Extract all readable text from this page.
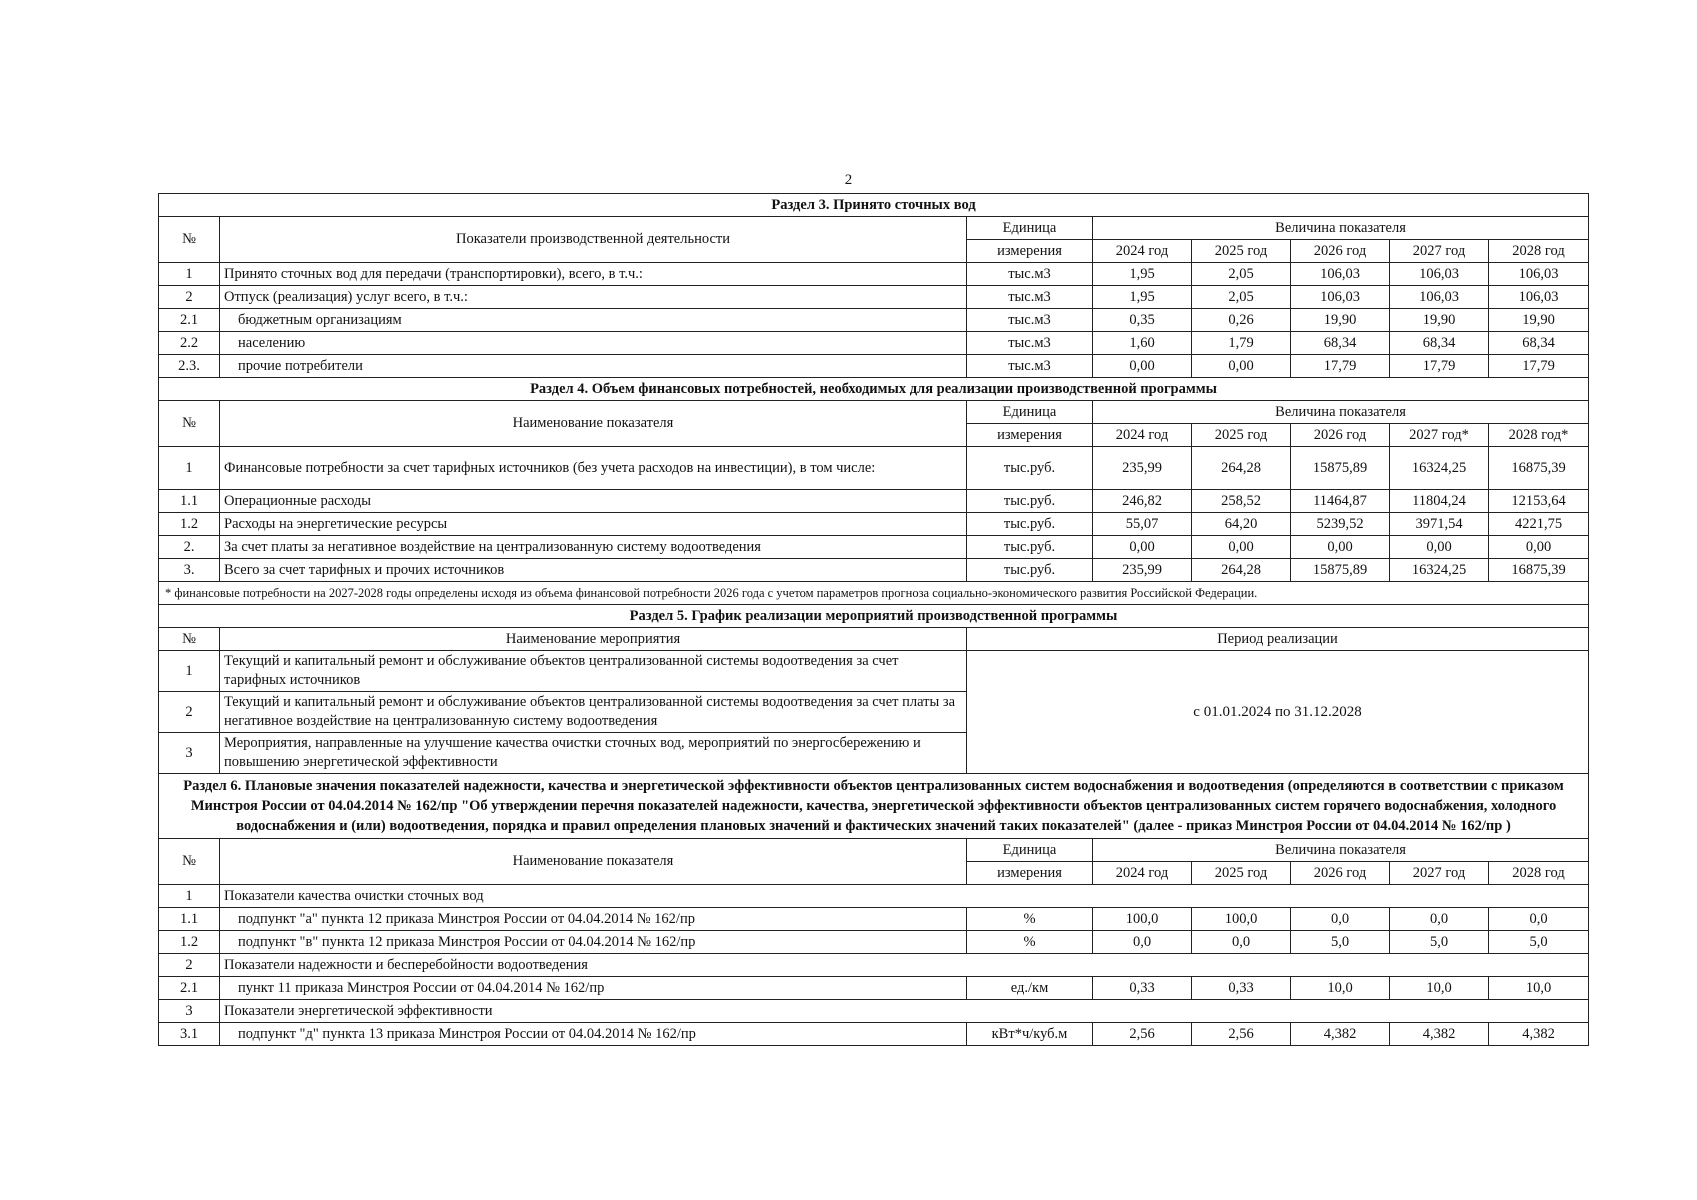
2
Раздел 3. Принято сточных вод							
№	Показатели производственной деятельности	Единица	Величина показателя				
		измерения	2024 год	2025 год	2026 год	2027 год	2028 год
1	Принято сточных вод для передачи (транспортировки), всего, в т.ч.:	тыс.м3	1,95	2,05	106,03	106,03	106,03
2	Отпуск (реализация) услуг всего, в т.ч.:	тыс.м3	1,95	2,05	106,03	106,03	106,03
2.1	бюджетным организациям	тыс.м3	0,35	0,26	19,90	19,90	19,90
2.2	населению	тыс.м3	1,60	1,79	68,34	68,34	68,34
2.3.	прочие потребители	тыс.м3	0,00	0,00	17,79	17,79	17,79
Раздел 4. Объем финансовых потребностей, необходимых для реализации производственной программы							
№	Наименование показателя	Единица	Величина показателя				
		измерения	2024 год	2025 год	2026 год	2027 год*	2028 год*
1	Финансовые потребности за счет тарифных источников (без учета расходов на инвестиции), в том числе:	тыс.руб.	235,99	264,28	15875,89	16324,25	16875,39
1.1	Операционные расходы	тыс.руб.	246,82	258,52	11464,87	11804,24	12153,64
1.2	Расходы на энергетические ресурсы	тыс.руб.	55,07	64,20	5239,52	3971,54	4221,75
2.	За счет платы за негативное воздействие на централизованную систему водоотведения	тыс.руб.	0,00	0,00	0,00	0,00	0,00
3.	Всего за счет тарифных и прочих источников	тыс.руб.	235,99	264,28	15875,89	16324,25	16875,39
* финансовые потребности на 2027-2028 годы определены исходя из объема финансовой потребности 2026 года с учетом параметров прогноза социально-экономического развития Российской Федерации.							
Раздел 5. График реализации мероприятий производственной программы							
№	Наименование мероприятия	Период реализации					
1	Текущий и капитальный ремонт и обслуживание объектов централизованной системы водоотведения за счет тарифных источников	с 01.01.2024 по 31.12.2028					
2	Текущий и капитальный ремонт и обслуживание объектов централизованной системы водоотведения за счет платы за негативное воздействие на централизованную систему водоотведения						
3	Мероприятия, направленные на улучшение качества очистки сточных вод, мероприятий по энергосбережению и повышению энергетической эффективности						
Раздел 6. Плановые значения показателей надежности, качества и энергетической эффективности объектов централизованных систем водоснабжения и водоотведения (определяются в соответствии с приказом Минстроя России от 04.04.2014 № 162/пр "Об утверждении перечня показателей надежности, качества, энергетической эффективности объектов централизованных систем горячего водоснабжения, холодного водоснабжения и (или) водоотведения, порядка и правил определения плановых значений и фактических значений таких показателей" (далее - приказ Минстроя России от 04.04.2014 № 162/пр )							
№	Наименование показателя	Единица	Величина показателя				
		измерения	2024 год	2025 год	2026 год	2027 год	2028 год
1	Показатели качества очистки сточных вод						
1.1	подпункт "а" пункта 12 приказа Минстроя России от 04.04.2014 № 162/пр	%	100,0	100,0	0,0	0,0	0,0
1.2	подпункт "в" пункта 12 приказа Минстроя России от 04.04.2014 № 162/пр	%	0,0	0,0	5,0	5,0	5,0
2	Показатели надежности и бесперебойности водоотведения						
2.1	пункт 11 приказа Минстроя России от 04.04.2014 № 162/пр	ед./км	0,33	0,33	10,0	10,0	10,0
3	Показатели энергетической эффективности						
3.1	подпункт "д" пункта 13 приказа Минстроя России от 04.04.2014 № 162/пр	кВт*ч/куб.м	2,56	2,56	4,382	4,382	4,382
